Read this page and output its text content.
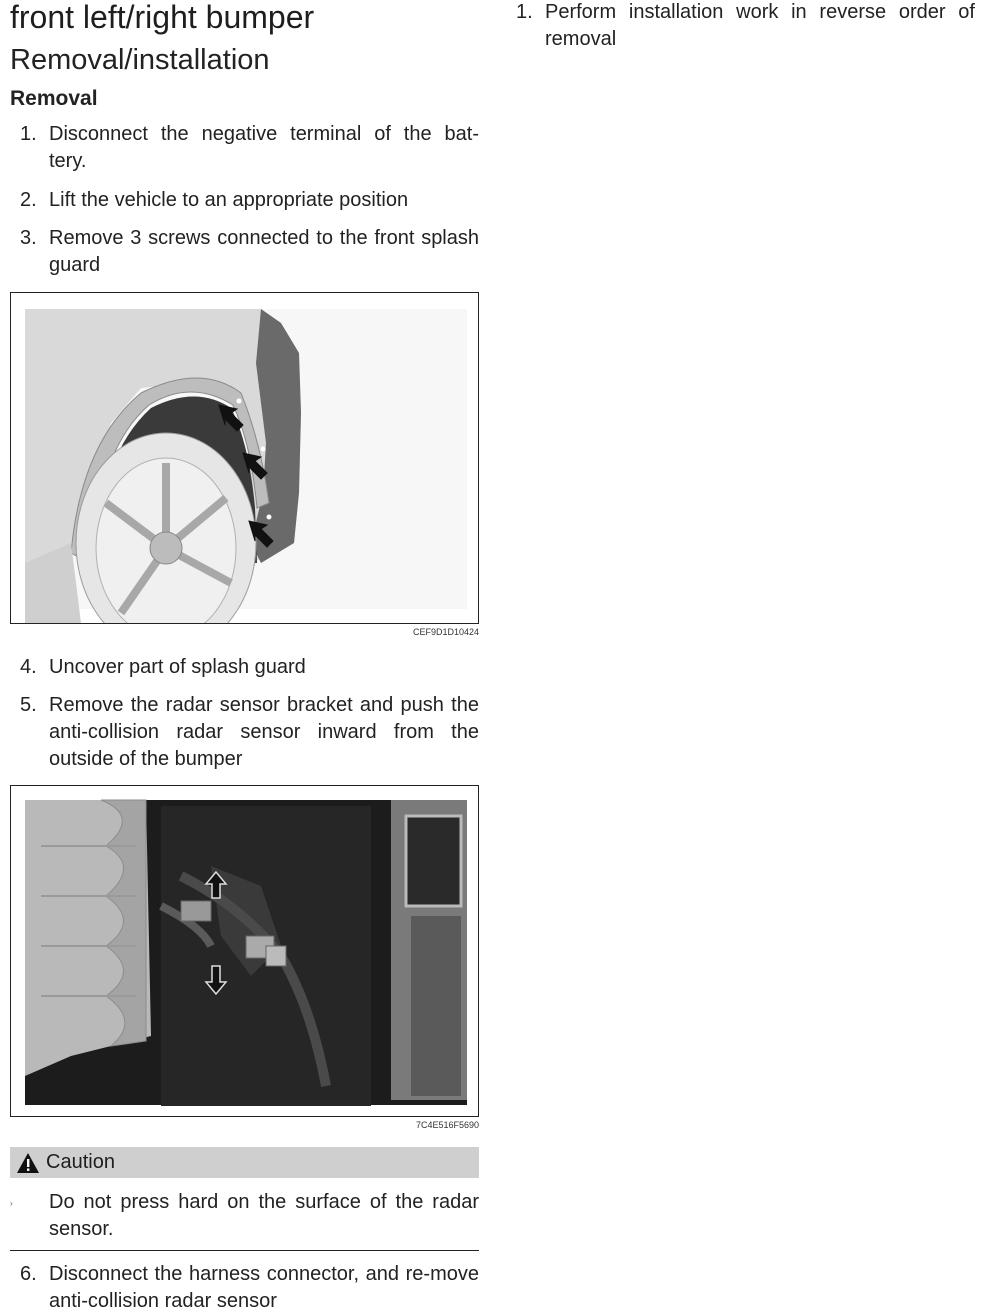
front left/right bumper
Removal/installation
Removal
1. Disconnect the negative terminal of the bat-
tery.
2. Lift the vehicle to an appropriate position
3. Remove 3 screws connected to the front splash guard
CEF9D1D10424
4. Uncover part of splash guard
5. Remove the radar sensor bracket and push the anti-collision radar sensor inward from the outside of the bumper
7C4E516F5690
Caution
› Do not press hard on the surface of the radar sensor.
6. Disconnect the harness connector, and re-move anti-collision radar sensor
1. Perform installation work in reverse order of removal
